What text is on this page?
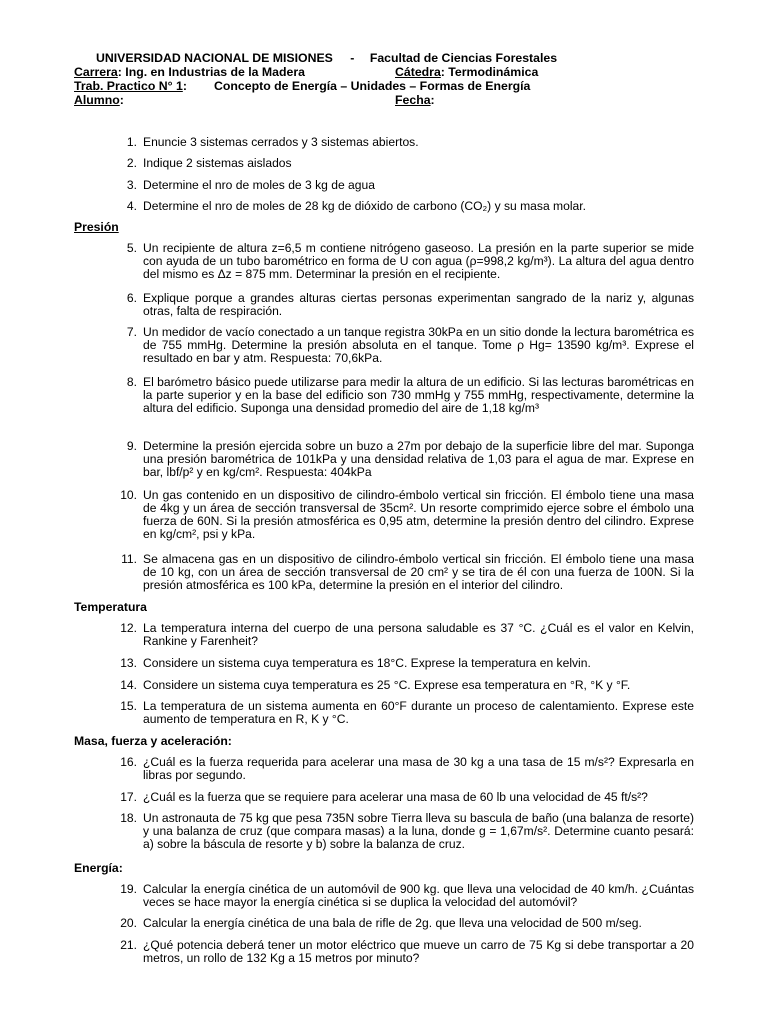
UNIVERSIDAD NACIONAL DE MISIONES - Facultad de Ciencias Forestales
Carrera: Ing. en Industrias de la Madera	Cátedra: Termodinámica
Trab. Practico N° 1: Concepto de Energía – Unidades – Formas de Energía
Alumno:	Fecha:
1. Enuncie 3 sistemas cerrados y 3 sistemas abiertos.
2. Indique 2 sistemas aislados
3. Determine el nro de moles de 3 kg de agua
4. Determine el nro de moles de 28 kg de dióxido de carbono (CO₂) y su masa molar.
Presión
5. Un recipiente de altura z=6,5 m contiene nitrógeno gaseoso. La presión en la parte superior se mide con ayuda de un tubo barométrico en forma de U con agua (ρ=998,2 kg/m³). La altura del agua dentro del mismo es Δz = 875 mm. Determinar la presión en el recipiente.
6. Explique porque a grandes alturas ciertas personas experimentan sangrado de la nariz y, algunas otras, falta de respiración.
7. Un medidor de vacío conectado a un tanque registra 30kPa en un sitio donde la lectura barométrica es de 755 mmHg. Determine la presión absoluta en el tanque. Tome ρ Hg= 13590 kg/m³. Exprese el resultado en bar y atm. Respuesta: 70,6kPa.
8. El barómetro básico puede utilizarse para medir la altura de un edificio. Si las lecturas barométricas en la parte superior y en la base del edificio son 730 mmHg y 755 mmHg, respectivamente, determine la altura del edificio. Suponga una densidad promedio del aire de 1,18 kg/m³
9. Determine la presión ejercida sobre un buzo a 27m por debajo de la superficie libre del mar. Suponga una presión barométrica de 101kPa y una densidad relativa de 1,03 para el agua de mar. Exprese en bar, lbf/p² y en kg/cm². Respuesta: 404kPa
10. Un gas contenido en un dispositivo de cilindro-émbolo vertical sin fricción. El émbolo tiene una masa de 4kg y un área de sección transversal de 35cm². Un resorte comprimido ejerce sobre el émbolo una fuerza de 60N. Si la presión atmosférica es 0,95 atm, determine la presión dentro del cilindro. Exprese en kg/cm², psi y kPa.
11. Se almacena gas en un dispositivo de cilindro-émbolo vertical sin fricción. El émbolo tiene una masa de 10 kg, con un área de sección transversal de 20 cm² y se tira de él con una fuerza de 100N. Si la presión atmosférica es 100 kPa, determine la presión en el interior del cilindro.
Temperatura
12. La temperatura interna del cuerpo de una persona saludable es 37 °C. ¿Cuál es el valor en Kelvin, Rankine y Farenheit?
13. Considere un sistema cuya temperatura es 18°C. Exprese la temperatura en kelvin.
14. Considere un sistema cuya temperatura es 25 °C. Exprese esa temperatura en °R, °K y °F.
15. La temperatura de un sistema aumenta en 60°F durante un proceso de calentamiento. Exprese este aumento de temperatura en R, K y °C.
Masa, fuerza y aceleración:
16. ¿Cuál es la fuerza requerida para acelerar una masa de 30 kg a una tasa de 15 m/s²? Expresarla en libras por segundo.
17. ¿Cuál es la fuerza que se requiere para acelerar una masa de 60 lb una velocidad de 45 ft/s²?
18. Un astronauta de 75 kg que pesa 735N sobre Tierra lleva su bascula de baño (una balanza de resorte) y una balanza de cruz (que compara masas) a la luna, donde g = 1,67m/s². Determine cuanto pesará: a) sobre la báscula de resorte y b) sobre la balanza de cruz.
Energía:
19. Calcular la energía cinética de un automóvil de 900 kg. que lleva una velocidad de 40 km/h. ¿Cuántas veces se hace mayor la energía cinética si se duplica la velocidad del automóvil?
20. Calcular la energía cinética de una bala de rifle de 2g. que lleva una velocidad de 500 m/seg.
21. ¿Qué potencia deberá tener un motor eléctrico que mueve un carro de 75 Kg si debe transportar a 20 metros, un rollo de 132 Kg a 15 metros por minuto?
